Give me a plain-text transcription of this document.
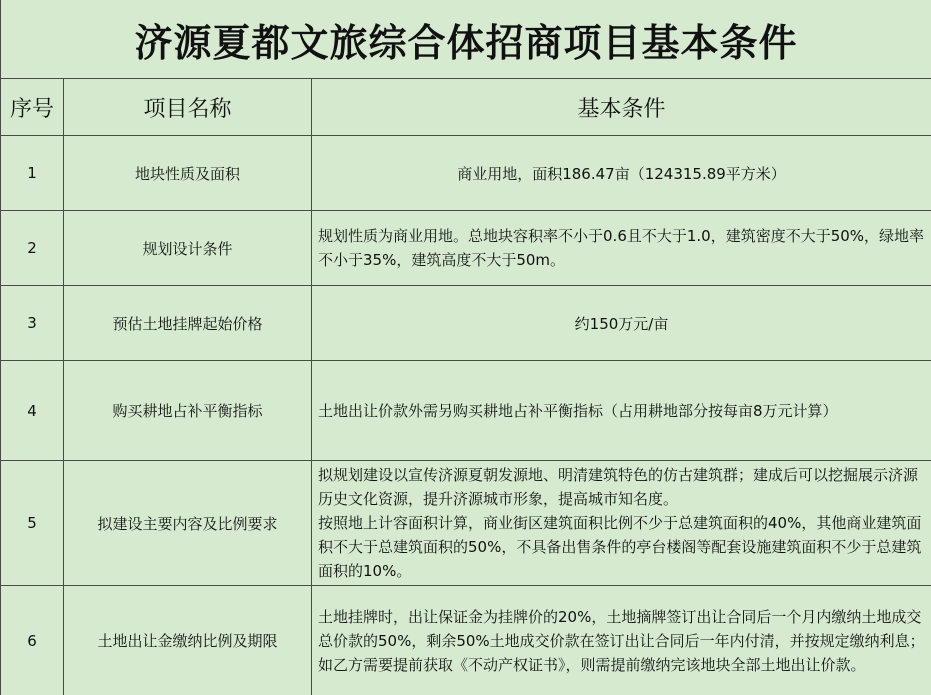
济源夏都文旅综合体招商项目基本条件		
序号	项目名称	基本条件
1	地块性质及面积	商业用地，面积186.47亩（124315.89平方米）

2	规划设计条件	规划性质为商业用地。总地块容积率不小于0.6且不大于1.0，建筑密度不大于50%，绿地率不小于35%，建筑高度不大于50m。

3	预估土地挂牌起始价格	约150万元/亩

4	购买耕地占补平衡指标	土地出让价款外需另购买耕地占补平衡指标（占用耕地部分按每亩8万元计算）

5	拟建设主要内容及比例要求	拟规划建设以宣传济源夏朝发源地、明清建筑特色的仿古建筑群；建成后可以挖掘展示济源历史文化资源，提升济源城市形象，提高城市知名度。
按照地上计容面积计算，商业街区建筑面积比例不少于总建筑面积的40%，其他商业建筑面积不大于总建筑面积的50%，不具备出售条件的亭台楼阁等配套设施建筑面积不少于总建筑面积的10%。

6	土地出让金缴纳比例及期限	土地挂牌时，出让保证金为挂牌价的20%，土地摘牌签订出让合同后一个月内缴纳土地成交总价款的50%，剩余50%土地成交价款在签订出让合同后一年内付清，并按规定缴纳利息；如乙方需要提前获取《不动产权证书》，则需提前缴纳完该地块全部土地出让价款。
